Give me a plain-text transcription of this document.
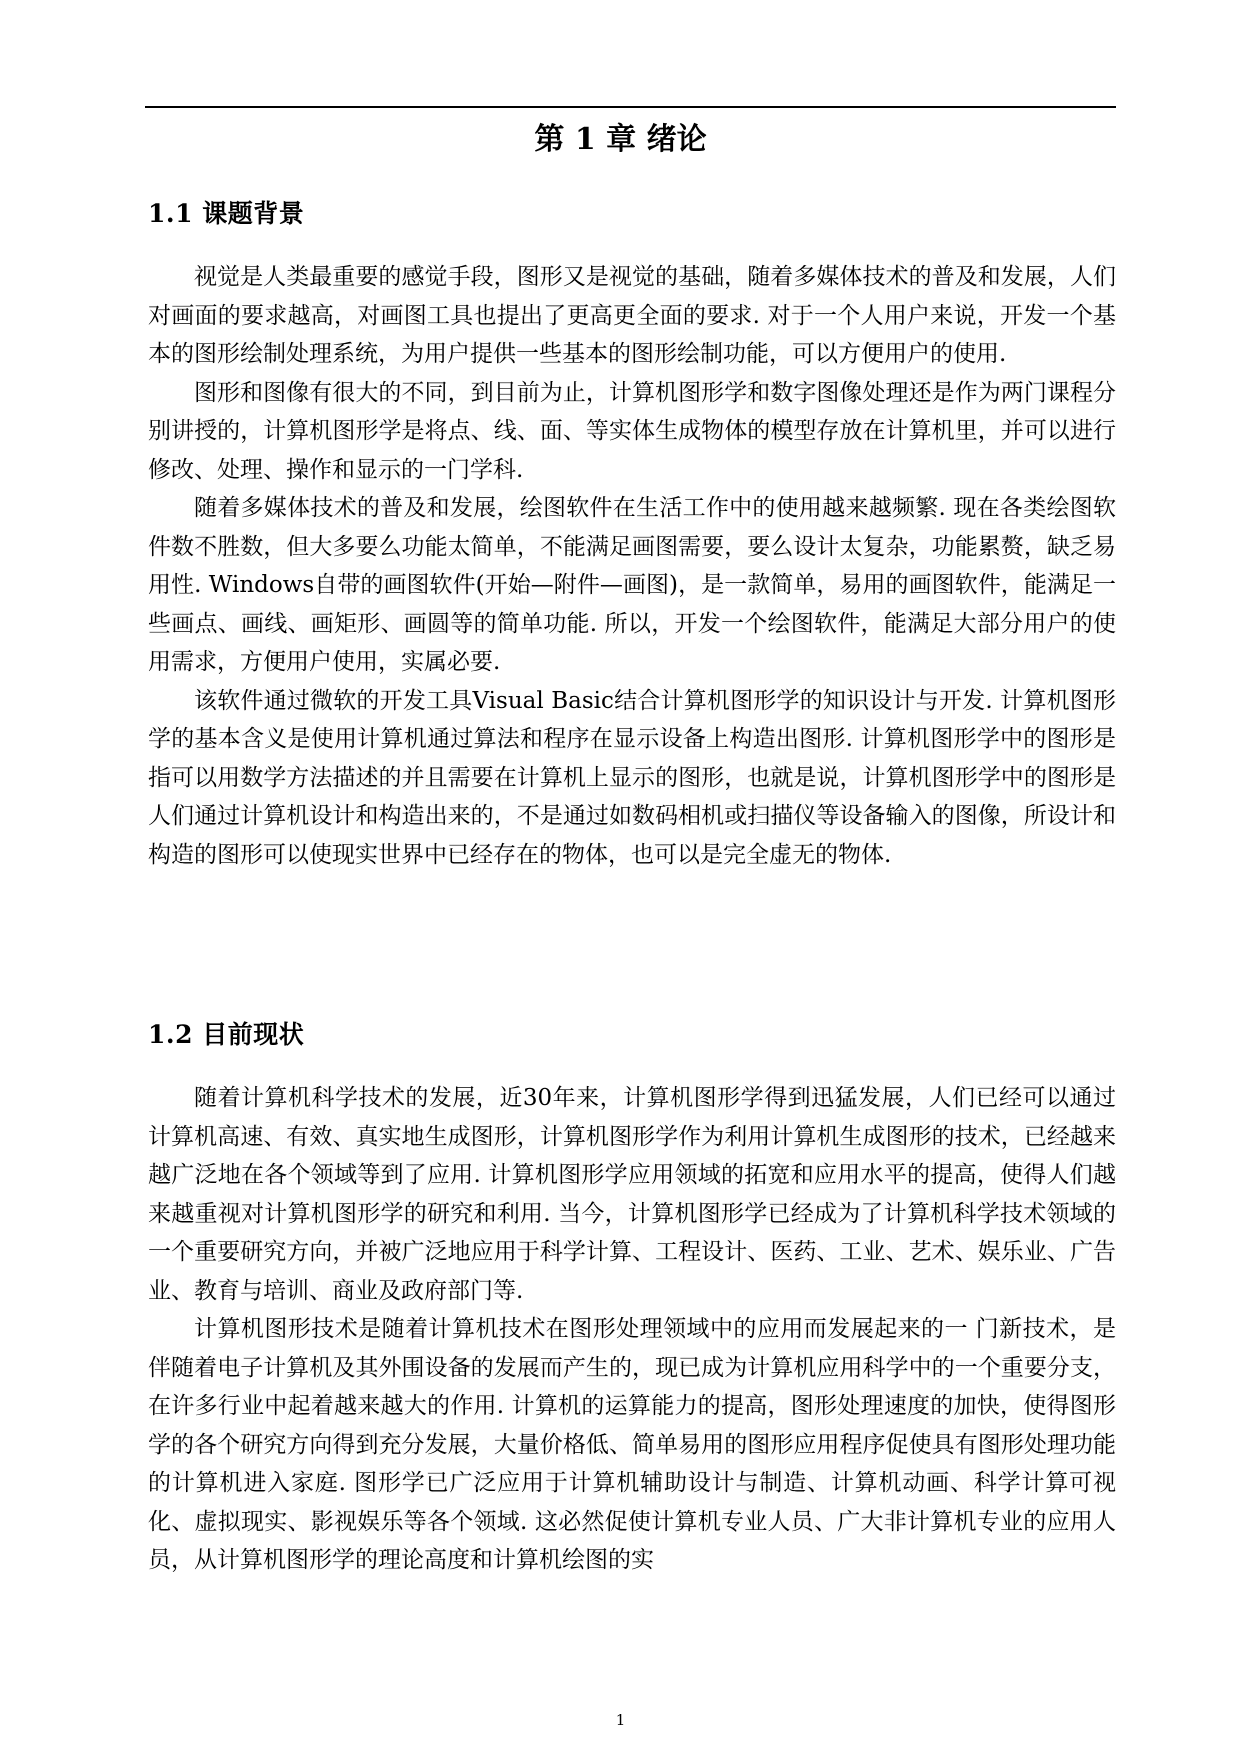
第 1 章 绪论
1.1 课题背景

视觉是人类最重要的感觉手段，图形又是视觉的基础，随着多媒体技术的普及和发展，人们对画面的要求越高，对画图工具也提出了更高更全面的要求. 对于一个人用户来说，开发一个基本的图形绘制处理系统，为用户提供一些基本的图形绘制功能，可以方便用户的使用.

图形和图像有很大的不同，到目前为止，计算机图形学和数字图像处理还是作为两门课程分别讲授的，计算机图形学是将点、线、面、等实体生成物体的模型存放在计算机里，并可以进行修改、处理、操作和显示的一门学科.

随着多媒体技术的普及和发展，绘图软件在生活工作中的使用越来越频繁. 现在各类绘图软件数不胜数，但大多要么功能太简单，不能满足画图需要，要么设计太复杂，功能累赘，缺乏易用性. Windows自带的画图软件(开始—附件—画图)，是一款简单，易用的画图软件，能满足一些画点、画线、画矩形、画圆等的简单功能. 所以，开发一个绘图软件，能满足大部分用户的使用需求，方便用户使用，实属必要.

该软件通过微软的开发工具Visual Basic结合计算机图形学的知识设计与开发. 计算机图形学的基本含义是使用计算机通过算法和程序在显示设备上构造出图形. 计算机图形学中的图形是指可以用数学方法描述的并且需要在计算机上显示的图形，也就是说，计算机图形学中的图形是人们通过计算机设计和构造出来的，不是通过如数码相机或扫描仪等设备输入的图像，所设计和构造的图形可以使现实世界中已经存在的物体，也可以是完全虚无的物体.

1.2 目前现状

随着计算机科学技术的发展，近30年来，计算机图形学得到迅猛发展，人们已经可以通过计算机高速、有效、真实地生成图形，计算机图形学作为利用计算机生成图形的技术，已经越来越广泛地在各个领域等到了应用. 计算机图形学应用领域的拓宽和应用水平的提高，使得人们越来越重视对计算机图形学的研究和利用. 当今，计算机图形学已经成为了计算机科学技术领域的一个重要研究方向，并被广泛地应用于科学计算、工程设计、医药、工业、艺术、娱乐业、广告业、教育与培训、商业及政府部门等.

计算机图形技术是随着计算机技术在图形处理领域中的应用而发展起来的一 门新技术，是伴随着电子计算机及其外围设备的发展而产生的，现已成为计算机应用科学中的一个重要分支，在许多行业中起着越来越大的作用. 计算机的运算能力的提高，图形处理速度的加快，使得图形学的各个研究方向得到充分发展，大量价格低、简单易用的图形应用程序促使具有图形处理功能的计算机进入家庭. 图形学已广泛应用于计算机辅助设计与制造、计算机动画、科学计算可视化、虚拟现实、影视娱乐等各个领域. 这必然促使计算机专业人员、广大非计算机专业的应用人员，从计算机图形学的理论高度和计算机绘图的实

1
